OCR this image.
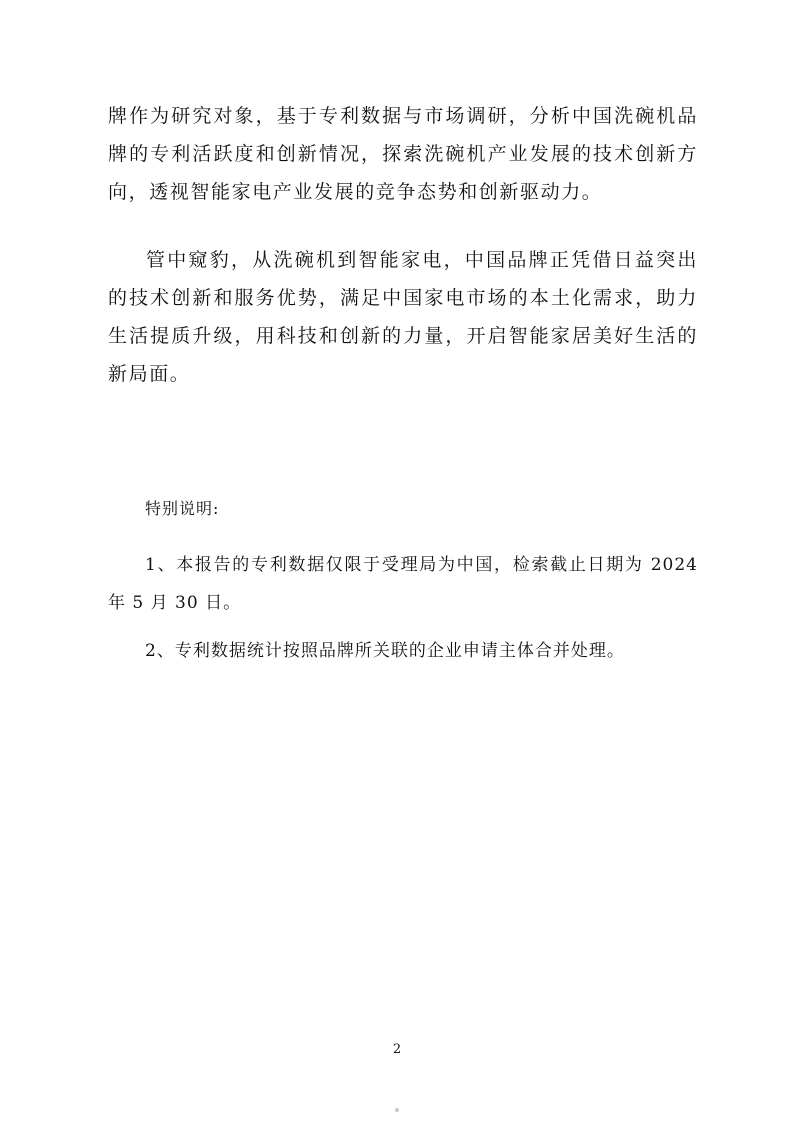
牌作为研究对象，基于专利数据与市场调研，分析中国洗碗机品牌的专利活跃度和创新情况，探索洗碗机产业发展的技术创新方向，透视智能家电产业发展的竞争态势和创新驱动力。

管中窥豹，从洗碗机到智能家电，中国品牌正凭借日益突出的技术创新和服务优势，满足中国家电市场的本土化需求，助力生活提质升级，用科技和创新的力量，开启智能家居美好生活的新局面。

特别说明:

1、本报告的专利数据仅限于受理局为中国，检索截止日期为 2024 年 5 月 30 日。

2、专利数据统计按照品牌所关联的企业申请主体合并处理。

2
